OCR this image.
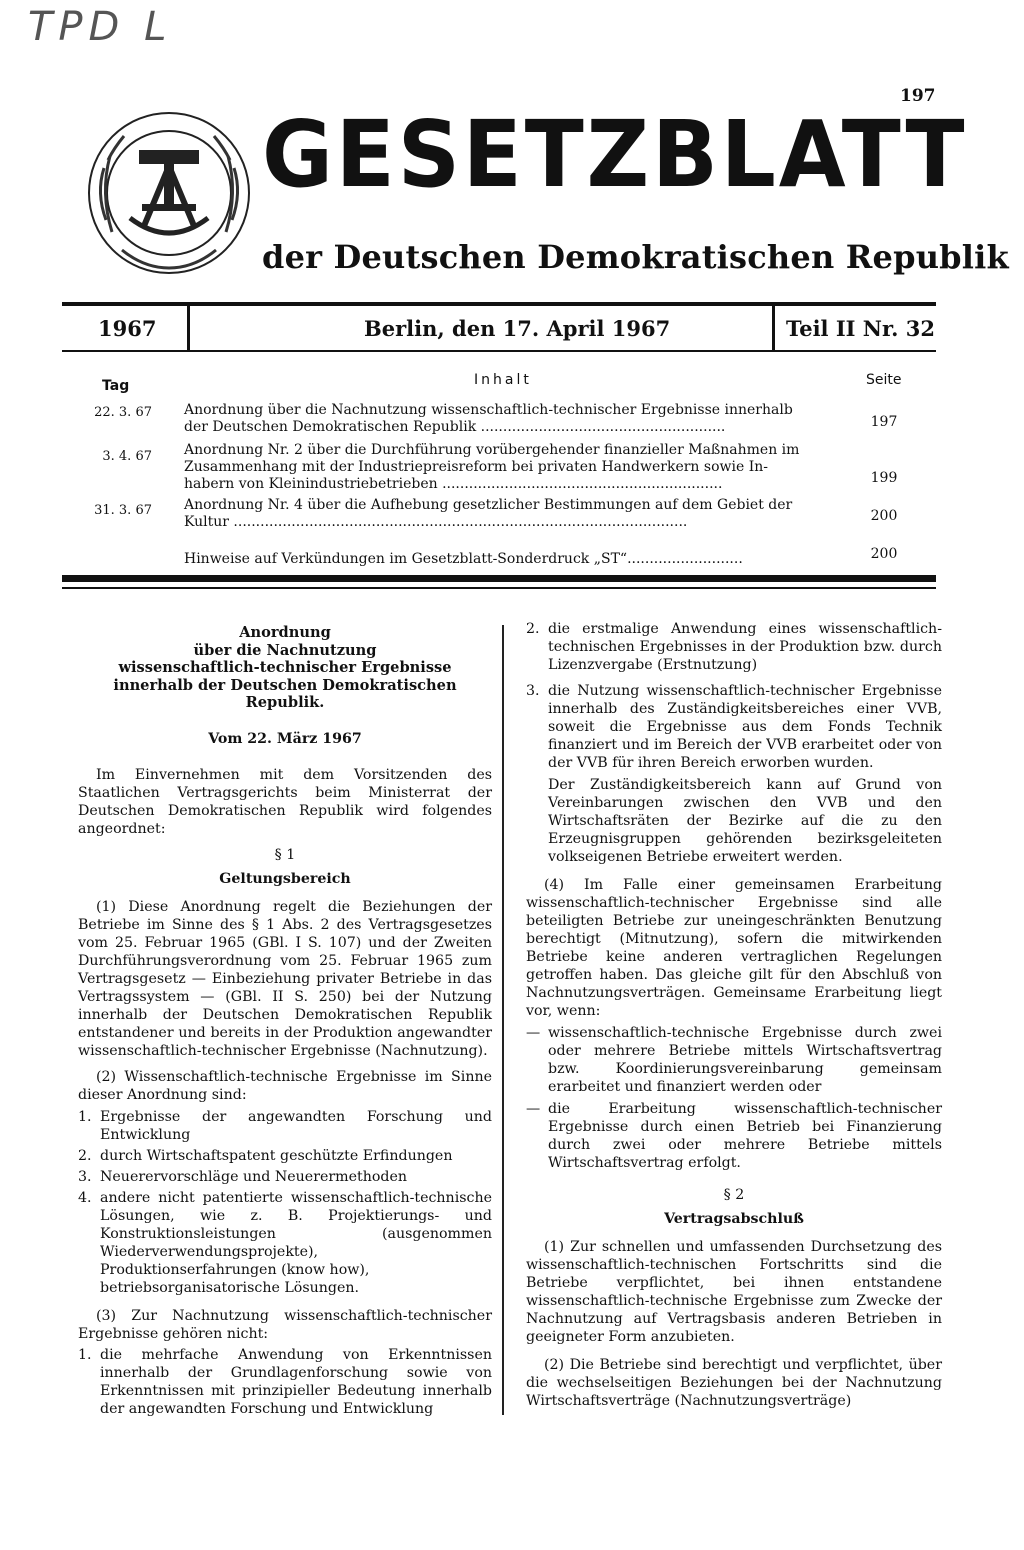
TPD L
197
GESETZBLATT
der Deutschen Demokratischen Republik
1967	Berlin, den 17. April 1967	Teil II Nr. 32
Tag	Inhalt	Seite
22. 3. 67 Anordnung über die Nachnutzung wissenschaftlich-technischer Ergebnisse innerhalb
der Deutschen Demokratischen Republik .......................................................	197
3. 4. 67 Anordnung Nr. 2 über die Durchführung vorübergehender finanzieller Maßnahmen im
Zusammenhang mit der Industriepreisreform bei privaten Handwerkern sowie In-
habern von Kleinindustriebetrieben ...............................................................	199
31. 3. 67 Anordnung Nr. 4 über die Aufhebung gesetzlicher Bestimmungen auf dem Gebiet der
Kultur ......................................................................................................	200
Hinweise auf Verkündungen im Gesetzblatt-Sonderdruck „ST“..........................	200
Anordnung
über die Nachnutzung
wissenschaftlich-technischer Ergebnisse
innerhalb der Deutschen Demokratischen Republik.
Vom 22. März 1967

Im Einvernehmen mit dem Vorsitzenden des Staatlichen Vertragsgerichts beim Ministerrat der Deutschen Demokratischen Republik wird folgendes angeordnet:

§ 1
Geltungsbereich

(1) Diese Anordnung regelt die Beziehungen der Betriebe im Sinne des § 1 Abs. 2 des Vertragsgesetzes vom 25. Februar 1965 (GBl. I S. 107) und der Zweiten Durchführungsverordnung vom 25. Februar 1965 zum Vertragsgesetz — Einbeziehung privater Betriebe in das Vertragssystem — (GBl. II S. 250) bei der Nutzung innerhalb der Deutschen Demokratischen Republik entstandener und bereits in der Produktion angewandter wissenschaftlich-technischer Ergebnisse (Nachnutzung).

(2) Wissenschaftlich-technische Ergebnisse im Sinne dieser Anordnung sind:

1. Ergebnisse der angewandten Forschung und Entwicklung
2. durch Wirtschaftspatent geschützte Erfindungen
3. Neuerervorschläge und Neuerermethoden
4. andere nicht patentierte wissenschaftlich-technische Lösungen, wie z. B. Projektierungs- und Konstruktionsleistungen (ausgenommen Wiederverwendungsprojekte),
Produktionserfahrungen (know how),
betriebsorganisatorische Lösungen.

(3) Zur Nachnutzung wissenschaftlich-technischer Ergebnisse gehören nicht:

1. die mehrfache Anwendung von Erkenntnissen innerhalb der Grundlagenforschung sowie von Erkenntnissen mit prinzipieller Bedeutung innerhalb der angewandten Forschung und Entwicklung
2. die erstmalige Anwendung eines wissenschaftlich-technischen Ergebnisses in der Produktion bzw. durch Lizenzvergabe (Erstnutzung)
3. die Nutzung wissenschaftlich-technischer Ergebnisse innerhalb des Zuständigkeitsbereiches einer VVB, soweit die Ergebnisse aus dem Fonds Technik finanziert und im Bereich der VVB erarbeitet oder von der VVB für ihren Bereich erworben wurden.

Der Zuständigkeitsbereich kann auf Grund von Vereinbarungen zwischen den VVB und den Wirtschaftsräten der Bezirke auf die zu den Erzeugnisgruppen gehörenden bezirksgeleiteten volkseigenen Betriebe erweitert werden.

(4) Im Falle einer gemeinsamen Erarbeitung wissenschaftlich-technischer Ergebnisse sind alle beteiligten Betriebe zur uneingeschränkten Benutzung berechtigt (Mitnutzung), sofern die mitwirkenden Betriebe keine anderen vertraglichen Regelungen getroffen haben. Das gleiche gilt für den Abschluß von Nachnutzungsverträgen. Gemeinsame Erarbeitung liegt vor, wenn:

— wissenschaftlich-technische Ergebnisse durch zwei oder mehrere Betriebe mittels Wirtschaftsvertrag bzw. Koordinierungsvereinbarung gemeinsam erarbeitet und finanziert werden oder
— die Erarbeitung wissenschaftlich-technischer Ergebnisse durch einen Betrieb bei Finanzierung durch zwei oder mehrere Betriebe mittels Wirtschaftsvertrag erfolgt.
§ 2
Vertragsabschluß

(1) Zur schnellen und umfassenden Durchsetzung des wissenschaftlich-technischen Fortschritts sind die Betriebe verpflichtet, bei ihnen entstandene wissenschaftlich-technische Ergebnisse zum Zwecke der Nachnutzung auf Vertragsbasis anderen Betrieben in geeigneter Form anzubieten.

(2) Die Betriebe sind berechtigt und verpflichtet, über die wechselseitigen Beziehungen bei der Nachnutzung Wirtschaftsverträge (Nachnutzungsverträge)
